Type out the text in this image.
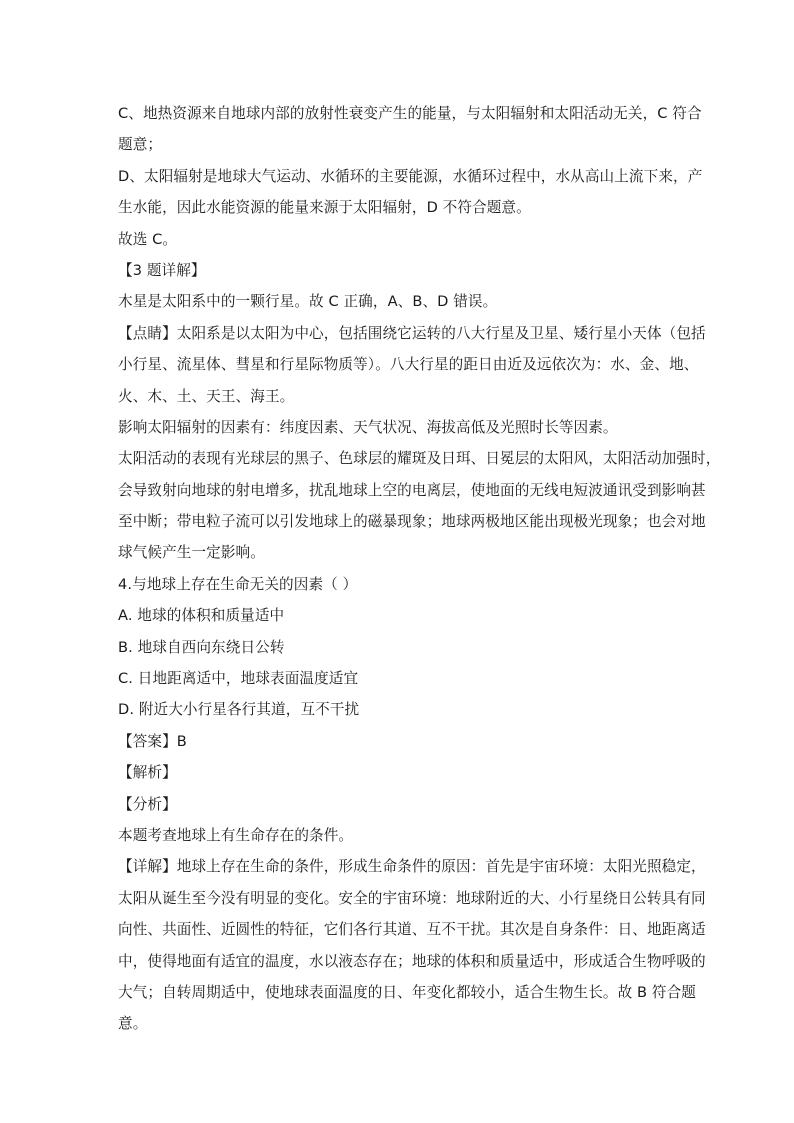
C、地热资源来自地球内部的放射性衰变产生的能量，与太阳辐射和太阳活动无关，C 符合
题意；
D、太阳辐射是地球大气运动、水循环的主要能源，水循环过程中，水从高山上流下来，产
生水能，因此水能资源的能量来源于太阳辐射，D 不符合题意。
故选 C。
【3 题详解】
木星是太阳系中的一颗行星。故 C 正确，A、B、D 错误。
【点睛】太阳系是以太阳为中心，包括围绕它运转的八大行星及卫星、矮行星小天体（包括
小行星、流星体、彗星和行星际物质等）。八大行星的距日由近及远依次为：水、金、地、
火、木、土、天王、海王。
影响太阳辐射的因素有：纬度因素、天气状况、海拔高低及光照时长等因素。
太阳活动的表现有光球层的黑子、色球层的耀斑及日珥、日冕层的太阳风，太阳活动加强时，
会导致射向地球的射电增多，扰乱地球上空的电离层，使地面的无线电短波通讯受到影响甚
至中断；带电粒子流可以引发地球上的磁暴现象；地球两极地区能出现极光现象；也会对地
球气候产生一定影响。
4.与地球上存在生命无关的因素（ ）
A. 地球的体积和质量适中
B. 地球自西向东绕日公转
C. 日地距离适中，地球表面温度适宜
D. 附近大小行星各行其道，互不干扰
【答案】B
【解析】
【分析】
本题考查地球上有生命存在的条件。
【详解】地球上存在生命的条件，形成生命条件的原因：首先是宇宙环境：太阳光照稳定，
太阳从诞生至今没有明显的变化。安全的宇宙环境：地球附近的大、小行星绕日公转具有同
向性、共面性、近圆性的特征，它们各行其道、互不干扰。其次是自身条件：日、地距离适
中，使得地面有适宜的温度，水以液态存在；地球的体积和质量适中，形成适合生物呼吸的
大气；自转周期适中，使地球表面温度的日、年变化都较小，适合生物生长。故 B 符合题
意。
